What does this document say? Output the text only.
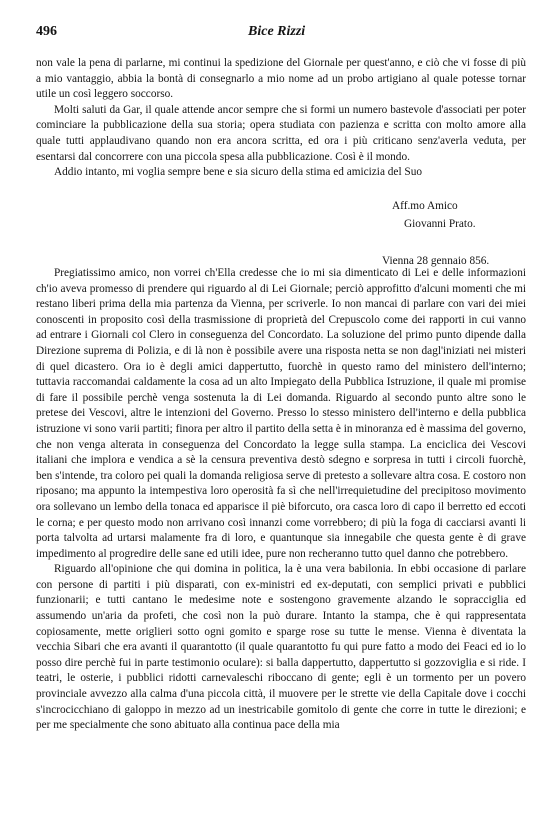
496	Bice Rizzi

non vale la pena di parlarne, mi continui la spedizione del Giornale per quest'anno, e ciò che vi fosse di più a mio vantaggio, abbia la bontà di consegnarlo a mio nome ad un probo artigiano al quale potesse tornar utile un così leggero soccorso.

Molti saluti da Gar, il quale attende ancor sempre che si formi un numero bastevole d'associati per poter cominciare la pubblicazione della sua storia; opera studiata con pazienza e scritta con molto amore alla quale tutti applaudivano quando non era ancora scritta, ed ora i più criticano senz'averla veduta, per esentarsi dal concorrere con una piccola spesa alla pubblicazione. Così è il mondo.

Addio intanto, mi voglia sempre bene e sia sicuro della stima ed amicizia del Suo

Aff.mo Amico
Giovanni Prato.
Vienna 28 gennaio 856.

Pregiatissimo amico, non vorrei ch'Ella credesse che io mi sia dimenticato di Lei e delle informazioni ch'io aveva promesso di prendere qui riguardo al di Lei Giornale; perciò approfitto d'alcuni momenti che mi restano liberi prima della mia partenza da Vienna, per scriverle. Io non mancai di parlare con vari dei miei conoscenti in proposito così della trasmissione di proprietà del Crepuscolo come dei rapporti in cui vanno ad entrare i Giornali col Clero in conseguenza del Concordato. La soluzione del primo punto dipende dalla Direzione suprema di Polizia, e di là non è possibile avere una risposta netta se non dagl'iniziati nei misteri di quel dicastero. Ora io è degli amici dappertutto, fuorchè in questo ramo del ministero dell'interno; tuttavia raccomandai caldamente la cosa ad un alto Impiegato della Pubblica Istruzione, il quale mi promise di fare il possibile perchè venga sostenuta la di Lei domanda. Riguardo al secondo punto altre sono le pretese dei Vescovi, altre le intenzioni del Governo. Presso lo stesso ministero dell'interno e della pubblica istruzione vi sono varii partiti; finora per altro il partito della setta è in minoranza ed è massima del governo, che non venga alterata in conseguenza del Concordato la legge sulla stampa. La enciclica dei Vescovi italiani che implora e vendica a sè la censura preventiva destò sdegno e sorpresa in tutti i circoli fuorchè, ben s'intende, tra coloro pei quali la domanda religiosa serve di pretesto a sollevare altra cosa. E costoro non riposano; ma appunto la intempestiva loro operosità fa sì che nell'irrequietudine del precipitoso movimento ora sollevano un lembo della tonaca ed apparisce il piè biforcuto, ora casca loro di capo il berretto ed eccoti le corna; e per questo modo non arrivano così innanzi come vorrebbero; di più la foga di cacciarsi avanti li porta talvolta ad urtarsi malamente fra di loro, e quantunque sia innegabile che questa gente è di grave impedimento al progredire delle sane ed utili idee, pure non recheranno tutto quel danno che potrebbero.

Riguardo all'opinione che qui domina in politica, la è una vera babilonia. In ebbi occasione di parlare con persone di partiti i più disparati, con ex-ministri ed ex-deputati, con semplici privati e pubblici funzionarii; e tutti cantano le medesime note e sostengono gravemente alzando le sopracciglia ed assumendo un'aria da profeti, che così non la può durare. Intanto la stampa, che è qui rappresentata copiosamente, mette origlieri sotto ogni gomito e sparge rose su tutte le mense. Vienna è diventata la vecchia Sibari che era avanti il quarantotto (il quale quarantotto fu qui pure fatto a modo dei Feaci ed io lo posso dire perchè fui in parte testimonio oculare): si balla dappertutto, dappertutto si gozzoviglia e si ride. I teatri, le osterie, i pubblici ridotti carnevaleschi riboccano di gente; egli è un tormento per un povero provinciale avvezzo alla calma d'una piccola città, il muovere per le strette vie della Capitale dove i cocchi s'incrocicchiano di galoppo in mezzo ad un inestricabile gomitolo di gente che corre in tutte le direzioni; e per me specialmente che sono abituato alla continua pace della mia
